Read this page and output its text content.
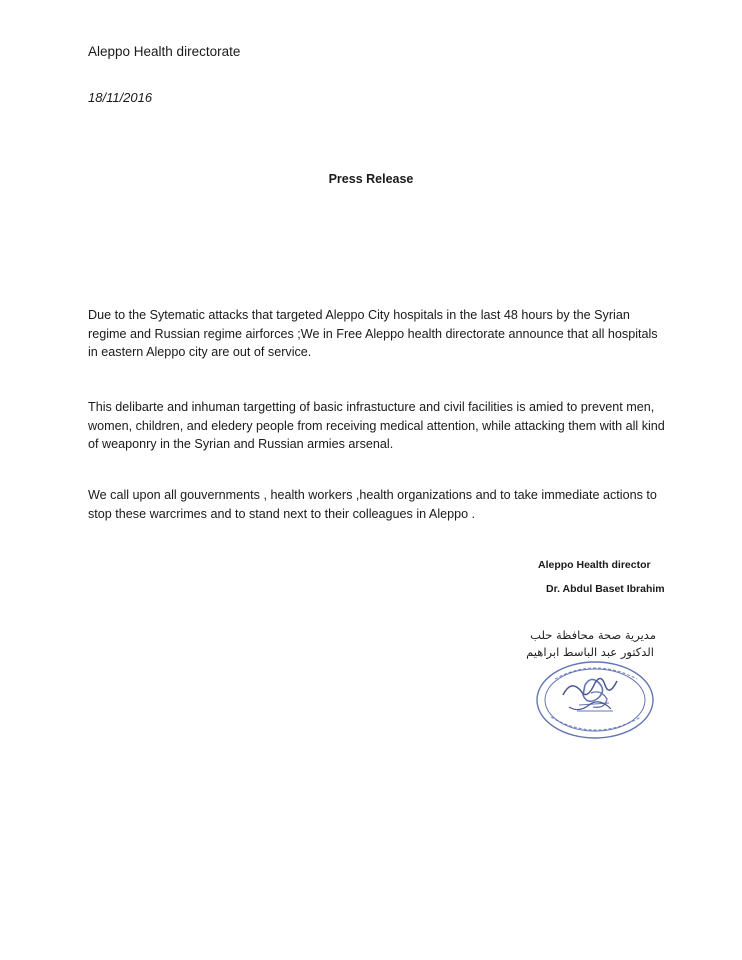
Aleppo Health directorate
18/11/2016
Press Release

Due to the Sytematic attacks that targeted Aleppo City hospitals in the last 48 hours by the Syrian regime and Russian regime airforces ;We in Free Aleppo health directorate announce that all hospitals in eastern Aleppo city are out of service.

This delibarte and inhuman targetting of basic infrastucture and civil facilities is amied to prevent men, women, children, and eledery people from receiving medical attention, while attacking them with all kind of weaponry in the Syrian and Russian armies arsenal.

We call upon all gouvernments , health workers ,health organizations and to take immediate actions to stop these warcrimes and to stand next to their colleagues in Aleppo .

Aleppo Health director
Dr. Abdul Baset Ibrahim
مديرية صحة محافظة حلب
الدكتور عبد الباسط ابراهيم
